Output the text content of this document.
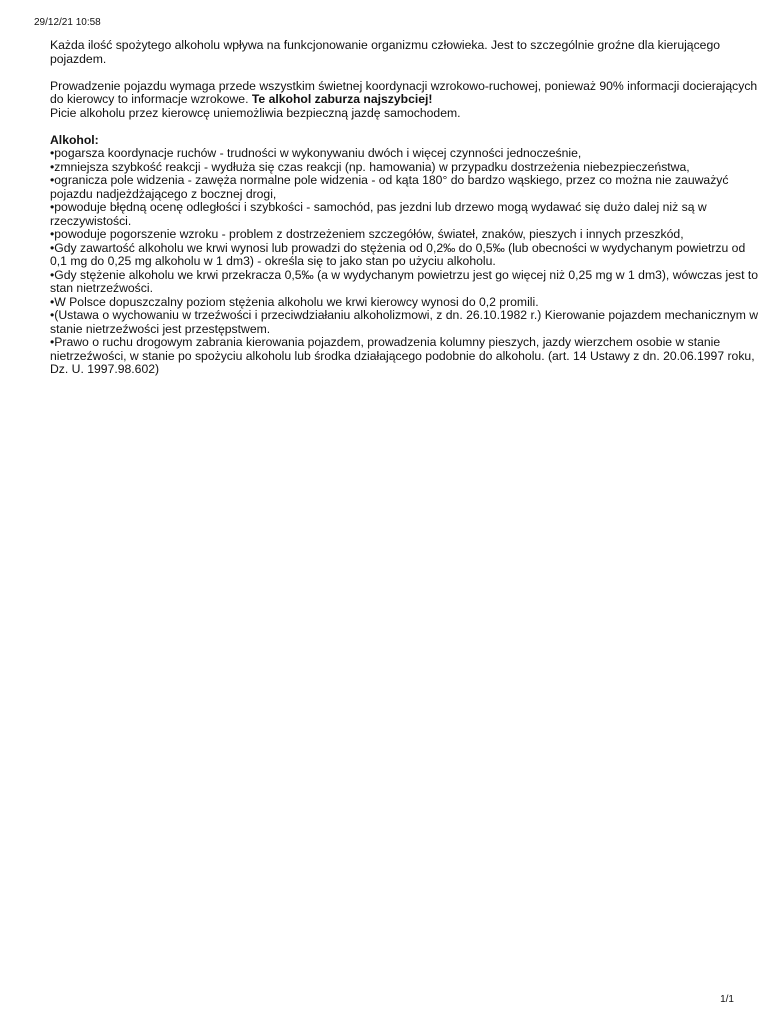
29/12/21 10:58

Każda ilość spożytego alkoholu wpływa na funkcjonowanie organizmu człowieka. Jest to szczególnie groźne dla kierującego pojazdem.

Prowadzenie pojazdu wymaga przede wszystkim świetnej koordynacji wzrokowo-ruchowej, ponieważ 90% informacji docierających do kierowcy to informacje wzrokowe. Te alkohol zaburza najszybciej!

Picie alkoholu przez kierowcę uniemożliwia bezpieczną jazdę samochodem.

Alkohol:

•pogarsza koordynacje ruchów - trudności w wykonywaniu dwóch i więcej czynności jednocześnie,
•zmniejsza szybkość reakcji - wydłuża się czas reakcji (np. hamowania) w przypadku dostrzeżenia niebezpieczeństwa,
•ogranicza pole widzenia - zawęża normalne pole widzenia - od kąta 180° do bardzo wąskiego, przez co można nie zauważyć pojazdu nadjeżdżającego z bocznej drogi,
•powoduje błędną ocenę odległości i szybkości - samochód, pas jezdni lub drzewo mogą wydawać się dużo dalej niż są w rzeczywistości.
•powoduje pogorszenie wzroku - problem z dostrzeżeniem szczegółów, świateł, znaków, pieszych i innych przeszkód,
•Gdy zawartość alkoholu we krwi wynosi lub prowadzi do stężenia od 0,2‰ do 0,5‰ (lub obecności w wydychanym powietrzu od 0,1 mg do 0,25 mg alkoholu w 1 dm3) - określa się to jako stan po użyciu alkoholu.
•Gdy stężenie alkoholu we krwi przekracza 0,5‰ (a w wydychanym powietrzu jest go więcej niż 0,25 mg w 1 dm3), wówczas jest to stan nietrzeźwości.
•W Polsce dopuszczalny poziom stężenia alkoholu we krwi kierowcy wynosi do 0,2 promili.
•(Ustawa o wychowaniu w trzeźwości i przeciwdziałaniu alkoholizmowi, z dn. 26.10.1982 r.) Kierowanie pojazdem mechanicznym w stanie nietrzeźwości jest przestępstwem.
•Prawo o ruchu drogowym zabrania kierowania pojazdem, prowadzenia kolumny pieszych, jazdy wierzchem osobie w stanie nietrzeźwości, w stanie po spożyciu alkoholu lub środka działającego podobnie do alkoholu. (art. 14 Ustawy z dn. 20.06.1997 roku, Dz. U. 1997.98.602)
1/1
